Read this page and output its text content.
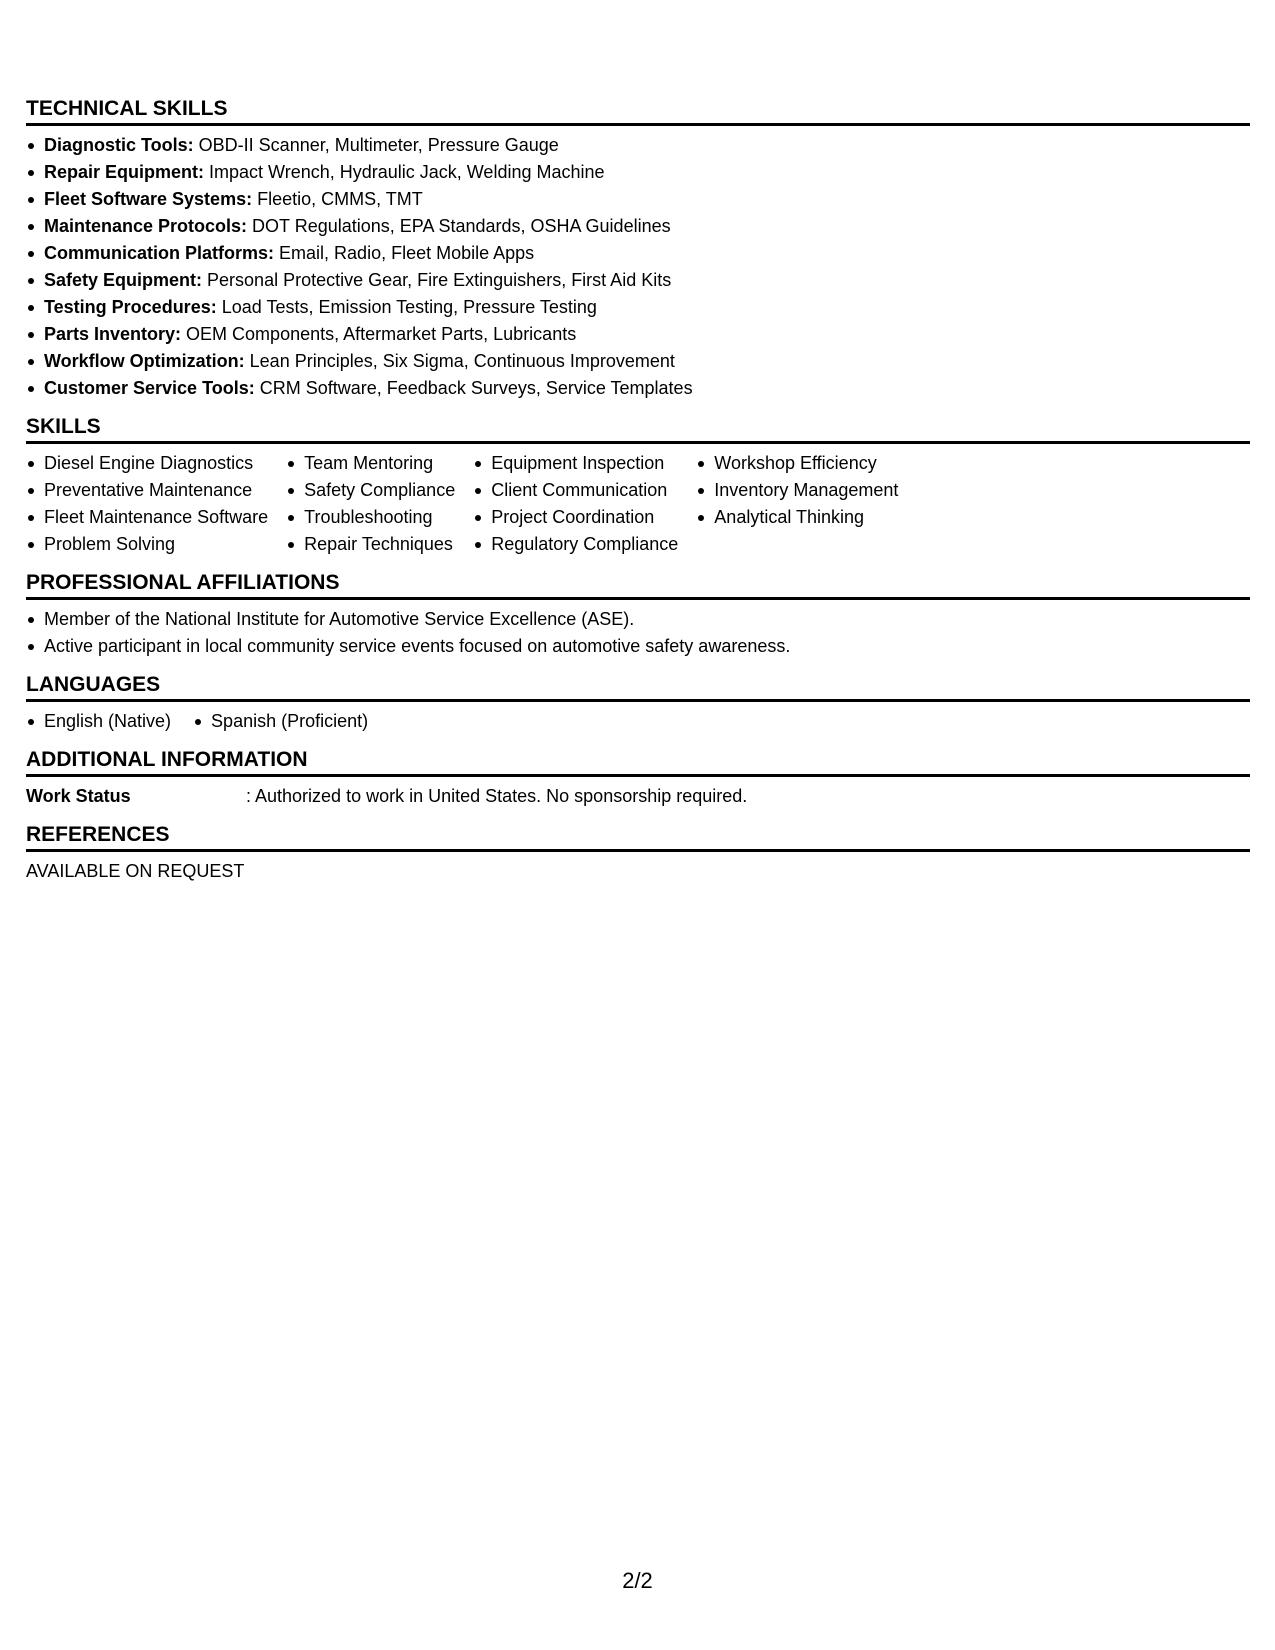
TECHNICAL SKILLS
Diagnostic Tools: OBD-II Scanner, Multimeter, Pressure Gauge
Repair Equipment: Impact Wrench, Hydraulic Jack, Welding Machine
Fleet Software Systems: Fleetio, CMMS, TMT
Maintenance Protocols: DOT Regulations, EPA Standards, OSHA Guidelines
Communication Platforms: Email, Radio, Fleet Mobile Apps
Safety Equipment: Personal Protective Gear, Fire Extinguishers, First Aid Kits
Testing Procedures: Load Tests, Emission Testing, Pressure Testing
Parts Inventory: OEM Components, Aftermarket Parts, Lubricants
Workflow Optimization: Lean Principles, Six Sigma, Continuous Improvement
Customer Service Tools: CRM Software, Feedback Surveys, Service Templates
SKILLS
Diesel Engine Diagnostics
Preventative Maintenance
Fleet Maintenance Software
Problem Solving
Team Mentoring
Safety Compliance
Troubleshooting
Repair Techniques
Equipment Inspection
Client Communication
Project Coordination
Regulatory Compliance
Workshop Efficiency
Inventory Management
Analytical Thinking
PROFESSIONAL AFFILIATIONS
Member of the National Institute for Automotive Service Excellence (ASE).
Active participant in local community service events focused on automotive safety awareness.
LANGUAGES
English (Native)	Spanish (Proficient)
ADDITIONAL INFORMATION
Work Status	: Authorized to work in United States. No sponsorship required.
REFERENCES
AVAILABLE ON REQUEST
2/2
